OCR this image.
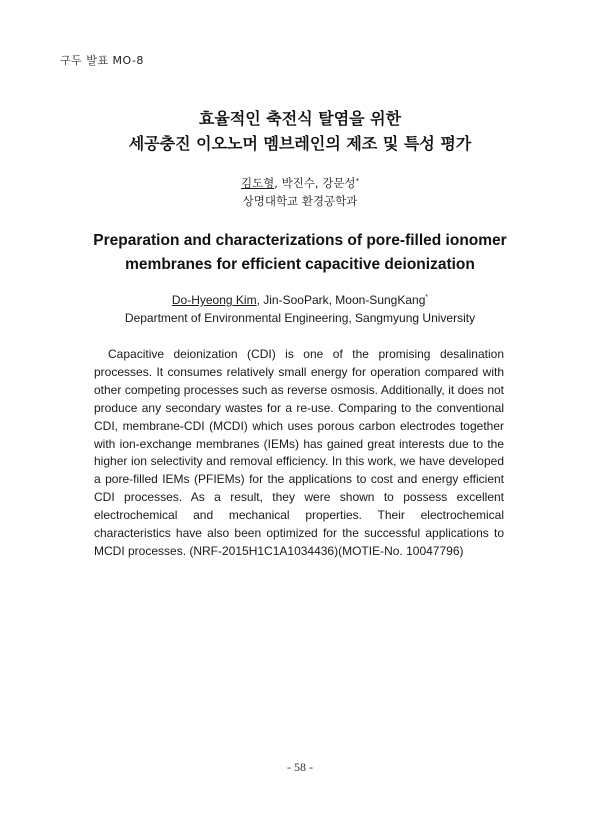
구두 발표 MO-8
효율적인 축전식 탈염을 위한
세공충진 이오노머 멤브레인의 제조 및 특성 평가
김도형, 박진수, 강문성*
상명대학교 환경공학과
Preparation and characterizations of pore-filled ionomer
membranes for efficient capacitive deionization
Do-Hyeong Kim, Jin-SooPark, Moon-SungKang*
Department of Environmental Engineering, Sangmyung University

Capacitive deionization (CDI) is one of the promising desalination processes. It consumes relatively small energy for operation compared with other competing processes such as reverse osmosis. Additionally, it does not produce any secondary wastes for a re-use. Comparing to the conventional CDI, membrane-CDI (MCDI) which uses porous carbon electrodes together with ion-exchange membranes (IEMs) has gained great interests due to the higher ion selectivity and removal efficiency. In this work, we have developed a pore-filled IEMs (PFIEMs) for the applications to cost and energy efficient CDI processes. As a result, they were shown to possess excellent electrochemical and mechanical properties. Their electrochemical characteristics have also been optimized for the successful applications to MCDI processes. (NRF-2015H1C1A1034436)(MOTIE-No. 10047796)

- 58 -
